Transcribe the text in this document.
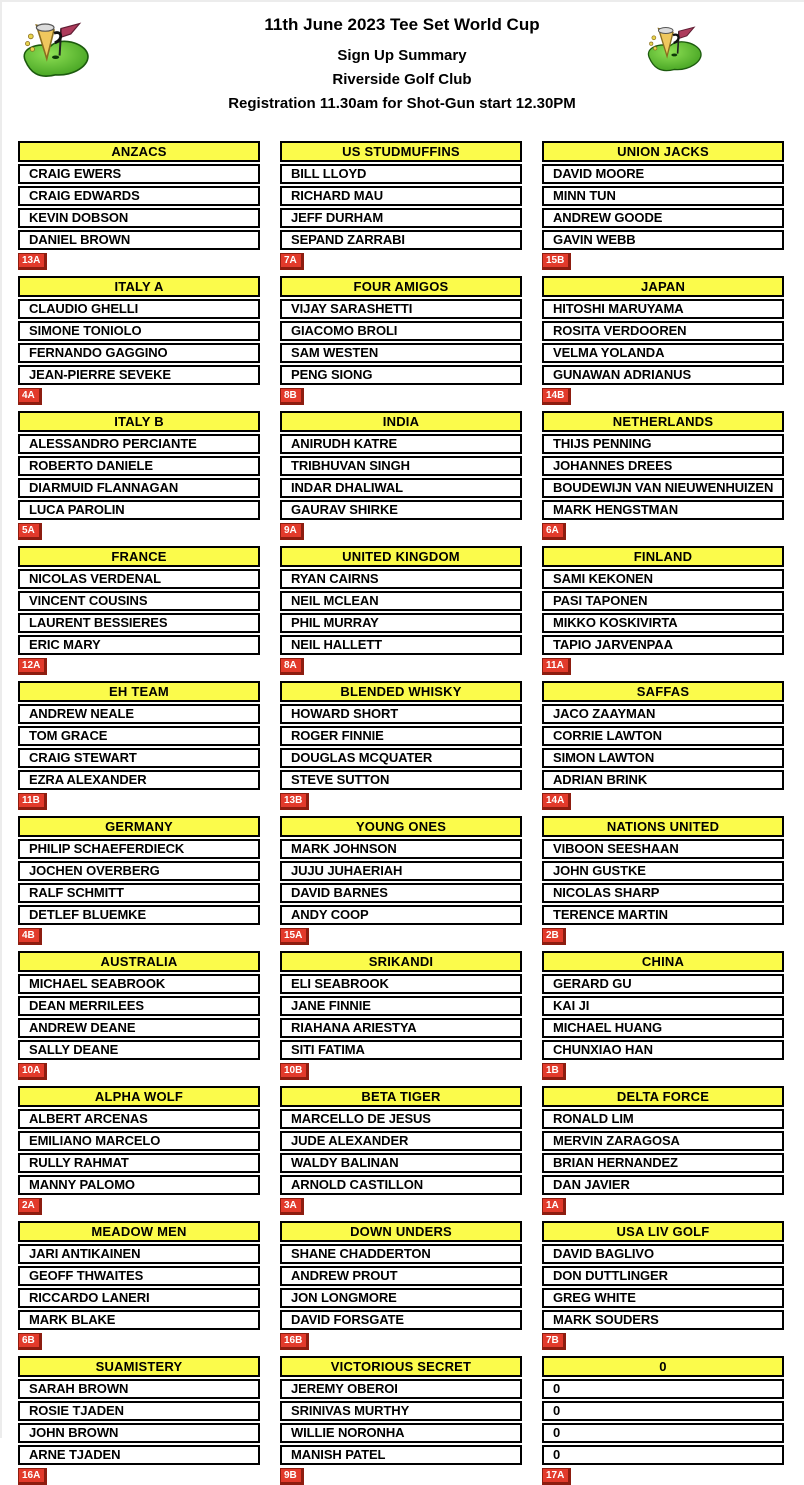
11th June 2023 Tee Set World Cup

Sign Up Summary

Riverside Golf Club

Registration 11.30am for Shot-Gun start 12.30PM

ANZACS
CRAIG EWERS
CRAIG EDWARDS
KEVIN DOBSON
DANIEL BROWN
13A
US STUDMUFFINS
BILL LLOYD
RICHARD MAU
JEFF DURHAM
SEPAND ZARRABI
7A
UNION JACKS
DAVID MOORE
MINN TUN
ANDREW GOODE
GAVIN WEBB
15B
ITALY A
CLAUDIO GHELLI
SIMONE TONIOLO
FERNANDO GAGGINO
JEAN-PIERRE SEVEKE
4A
FOUR AMIGOS
VIJAY SARASHETTI
GIACOMO BROLI
SAM WESTEN
PENG SIONG
8B
JAPAN
HITOSHI MARUYAMA
ROSITA VERDOOREN
VELMA YOLANDA
GUNAWAN ADRIANUS
14B
ITALY B
ALESSANDRO PERCIANTE
ROBERTO DANIELE
DIARMUID FLANNAGAN
LUCA PAROLIN
5A
INDIA
ANIRUDH KATRE
TRIBHUVAN SINGH
INDAR DHALIWAL
GAURAV SHIRKE
9A
NETHERLANDS
THIJS PENNING
JOHANNES DREES
BOUDEWIJN VAN NIEUWENHUIZEN
MARK HENGSTMAN
6A
FRANCE
NICOLAS VERDENAL
VINCENT COUSINS
LAURENT BESSIERES
ERIC MARY
12A
UNITED KINGDOM
RYAN CAIRNS
NEIL MCLEAN
PHIL MURRAY
NEIL HALLETT
8A
FINLAND
SAMI KEKONEN
PASI TAPONEN
MIKKO KOSKIVIRTA
TAPIO JARVENPAA
11A
EH TEAM
ANDREW NEALE
TOM GRACE
CRAIG STEWART
EZRA ALEXANDER
11B
BLENDED WHISKY
HOWARD SHORT
ROGER FINNIE
DOUGLAS MCQUATER
STEVE SUTTON
13B
SAFFAS
JACO ZAAYMAN
CORRIE LAWTON
SIMON LAWTON
ADRIAN BRINK
14A
GERMANY
PHILIP SCHAEFERDIECK
JOCHEN OVERBERG
RALF SCHMITT
DETLEF BLUEMKE
4B
YOUNG ONES
MARK JOHNSON
JUJU JUHAERIAH
DAVID BARNES
ANDY COOP
15A
NATIONS UNITED
VIBOON SEESHAAN
JOHN GUSTKE
NICOLAS SHARP
TERENCE MARTIN
2B
AUSTRALIA
MICHAEL SEABROOK
DEAN MERRILEES
ANDREW DEANE
SALLY DEANE
10A
SRIKANDI
ELI SEABROOK
JANE FINNIE
RIAHANA ARIESTYA
SITI FATIMA
10B
CHINA
GERARD GU
KAI JI
MICHAEL HUANG
CHUNXIAO HAN
1B
ALPHA WOLF
ALBERT ARCENAS
EMILIANO MARCELO
RULLY RAHMAT
MANNY PALOMO
2A
BETA TIGER
MARCELLO DE JESUS
JUDE ALEXANDER
WALDY BALINAN
ARNOLD CASTILLON
3A
DELTA FORCE
RONALD LIM
MERVIN ZARAGOSA
BRIAN HERNANDEZ
DAN JAVIER
1A
MEADOW MEN
JARI ANTIKAINEN
GEOFF THWAITES
RICCARDO LANERI
MARK BLAKE
6B
DOWN UNDERS
SHANE CHADDERTON
ANDREW PROUT
JON LONGMORE
DAVID FORSGATE
16B
USA LIV GOLF
DAVID BAGLIVO
DON DUTTLINGER
GREG WHITE
MARK SOUDERS
7B
SUAMISTERY
SARAH BROWN
ROSIE TJADEN
JOHN BROWN
ARNE TJADEN
16A
VICTORIOUS SECRET
JEREMY OBEROI
SRINIVAS MURTHY
WILLIE NORONHA
MANISH PATEL
9B
0
0
0
0
0
17A
